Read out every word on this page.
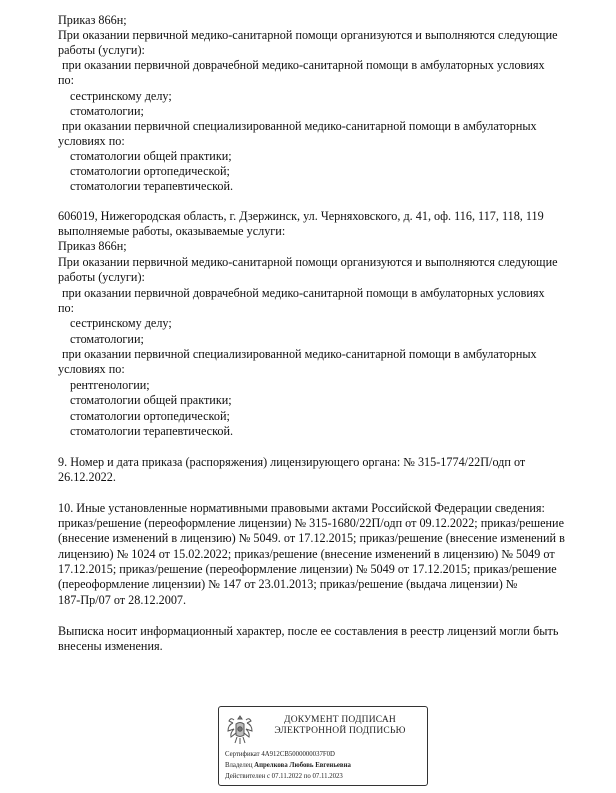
Приказ 866н;
При оказании первичной медико-санитарной помощи организуются и выполняются следующие
работы (услуги):
при оказании первичной доврачебной медико-санитарной помощи в амбулаторных условиях
по:
сестринскому делу;
стоматологии;
при оказании первичной специализированной медико-санитарной помощи в амбулаторных
условиях по:
стоматологии общей практики;
стоматологии ортопедической;
стоматологии терапевтической.
606019, Нижегородская область, г. Дзержинск, ул. Черняховского, д. 41, оф. 116, 117, 118, 119
выполняемые работы, оказываемые услуги:
Приказ 866н;
При оказании первичной медико-санитарной помощи организуются и выполняются следующие
работы (услуги):
при оказании первичной доврачебной медико-санитарной помощи в амбулаторных условиях
по:
сестринскому делу;
стоматологии;
при оказании первичной специализированной медико-санитарной помощи в амбулаторных
условиях по:
рентгенологии;
стоматологии общей практики;
стоматологии ортопедической;
стоматологии терапевтической.
9. Номер и дата приказа (распоряжения) лицензирующего органа: № 315-1774/22П/одп от
26.12.2022.
10. Иные установленные нормативными правовыми актами Российской Федерации сведения:
приказ/решение (переоформление лицензии) № 315-1680/22П/одп от 09.12.2022; приказ/решение
(внесение изменений в лицензию) № 5049. от 17.12.2015; приказ/решение (внесение изменений в
лицензию) № 1024 от 15.02.2022; приказ/решение (внесение изменений в лицензию) № 5049 от
17.12.2015; приказ/решение (переоформление лицензии) № 5049 от 17.12.2015; приказ/решение
(переоформление лицензии) № 147 от 23.01.2013; приказ/решение (выдача лицензии) №
187-Пр/07 от 28.12.2007.
Выписка носит информационный характер, после ее составления в реестр лицензий могли быть
внесены изменения.
ДОКУМЕНТ ПОДПИСАН
ЭЛЕКТРОННОЙ ПОДПИСЬЮ
Сертификат 4A912CB5000000037F0D
Владелец Апрелкова Любовь Евгеньевна
Действителен с 07.11.2022 по 07.11.2023
